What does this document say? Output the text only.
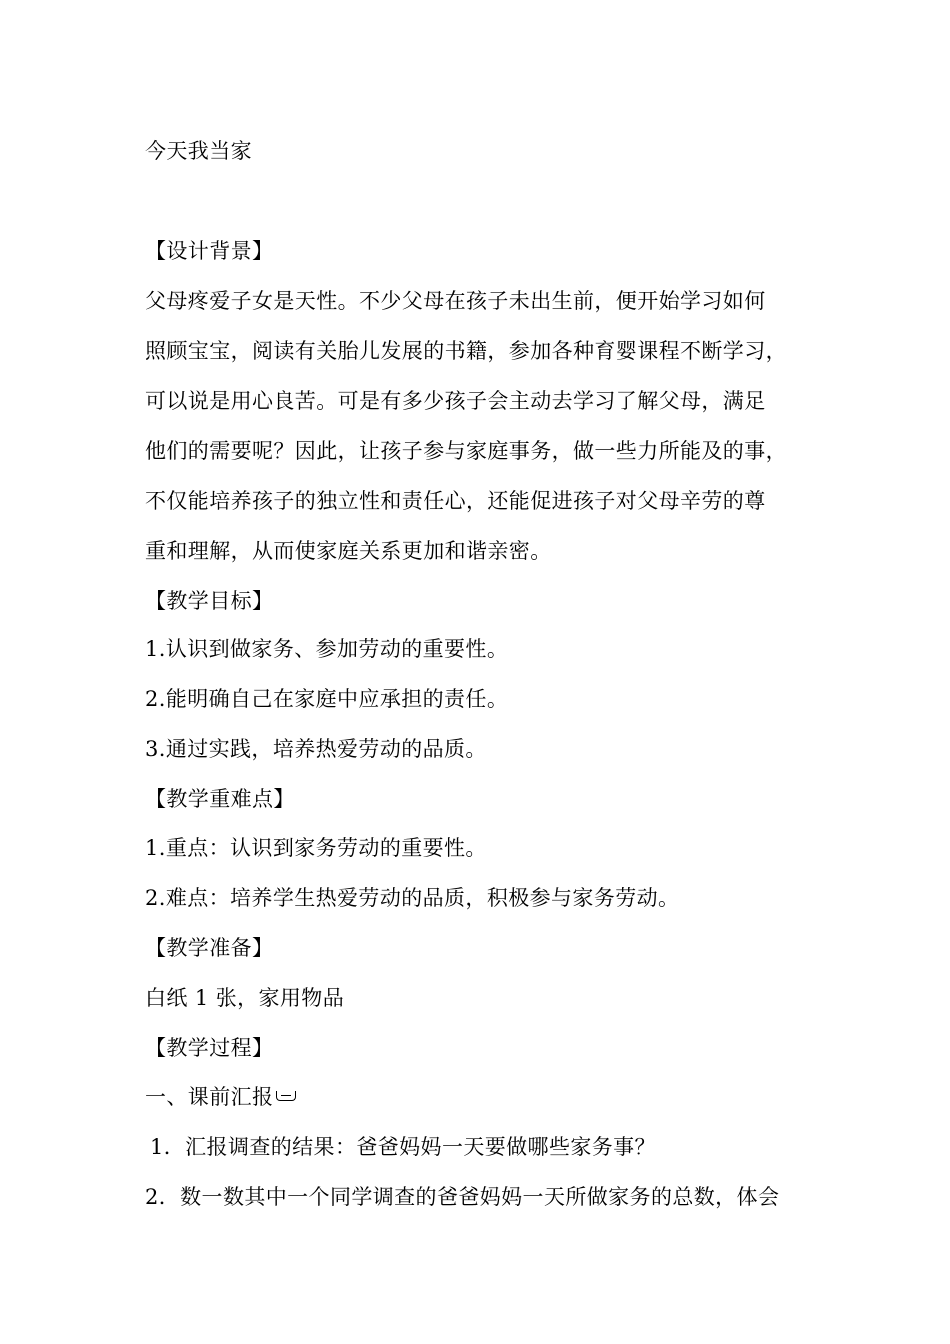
今天我当家
【设计背景】
父母疼爱子女是天性。不少父母在孩子未出生前，便开始学习如何
照顾宝宝，阅读有关胎儿发展的书籍，参加各种育婴课程不断学习，
可以说是用心良苦。可是有多少孩子会主动去学习了解父母，满足
他们的需要呢？因此，让孩子参与家庭事务，做一些力所能及的事，
不仅能培养孩子的独立性和责任心，还能促进孩子对父母辛劳的尊
重和理解，从而使家庭关系更加和谐亲密。
【教学目标】
1.认识到做家务、参加劳动的重要性。
2.能明确自己在家庭中应承担的责任。
3.通过实践，培养热爱劳动的品质。
【教学重难点】
1.重点：认识到家务劳动的重要性。
2.难点：培养学生热爱劳动的品质，积极参与家务劳动。
【教学准备】
白纸 1 张，家用物品
【教学过程】
一、课前汇报
1．汇报调查的结果：爸爸妈妈一天要做哪些家务事？
2．数一数其中一个同学调查的爸爸妈妈一天所做家务的总数，体会
